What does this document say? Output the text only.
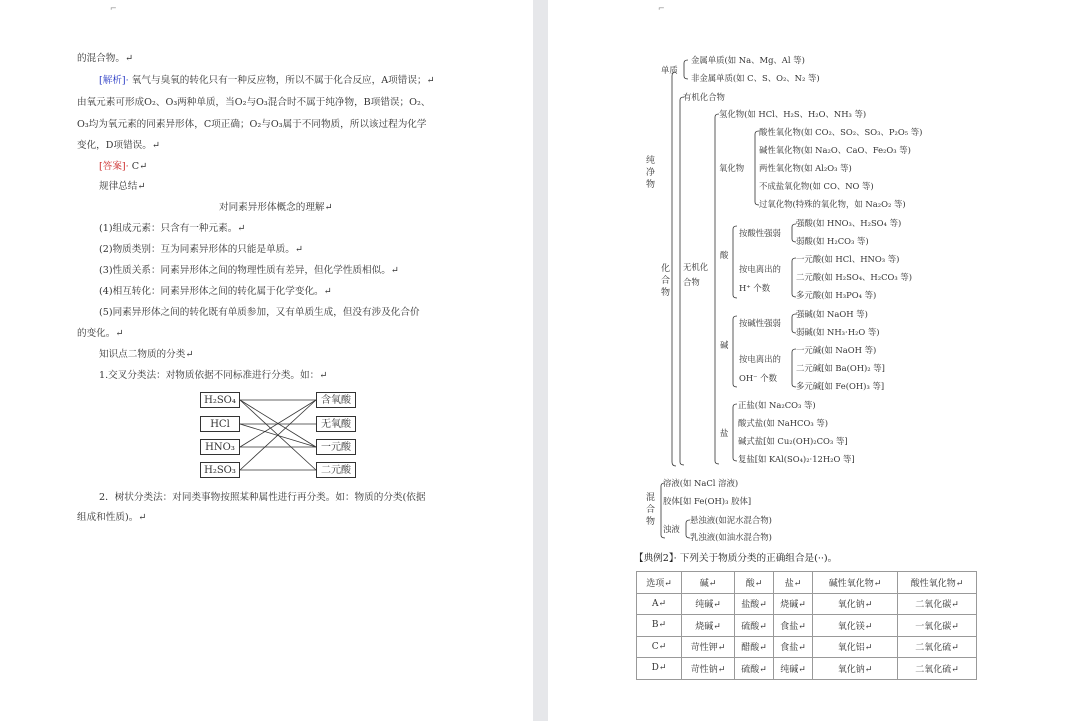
⌐
的混合物。↵
[解析]· 氧气与臭氧的转化只有一种反应物，所以不属于化合反应，A项错误；↵
由氧元素可形成O₂、O₃两种单质，当O₂与O₃混合时不属于纯净物，B项错误；O₂、
O₃均为氧元素的同素异形体，C项正确；O₂与O₃属于不同物质，所以该过程为化学
变化，D项错误。↵
[答案]· C↵
规律总结↵
对同素异形体概念的理解↵
(1)组成元素：只含有一种元素。↵
(2)物质类别：互为同素异形体的只能是单质。↵
(3)性质关系：同素异形体之间的物理性质有差异，但化学性质相似。↵
(4)相互转化：同素异形体之间的转化属于化学变化。↵
(5)同素异形体之间的转化既有单质参加，又有单质生成，但没有涉及化合价
的变化。↵
知识点二物质的分类↵
1.交叉分类法：对物质依据不同标准进行分类。如：↵
H₂SO₄
HCl
HNO₃
H₂SO₃
含氧酸
无氧酸
一元酸
二元酸
2．树状分类法：对同类事物按照某种属性进行再分类。如：物质的分类(依据
组成和性质)。↵
⌐
纯
净
物
化
合
物
混
合
物
单质
金属单质(如 Na、Mg、Al 等)
非金属单质(如 C、S、O₂、N₂ 等)
有机化合物
无机化
合物
氢化物(如 HCl、H₂S、H₂O、NH₃ 等)
氧化物
酸性氧化物(如 CO₂、SO₂、SO₃、P₂O₅ 等)
碱性氧化物(如 Na₂O、CaO、Fe₂O₃ 等)
两性氧化物(如 Al₂O₃ 等)
不成盐氧化物(如 CO、NO 等)
过氧化物(特殊的氧化物，如 Na₂O₂ 等)
酸
按酸性强弱
强酸(如 HNO₃、H₂SO₄ 等)
弱酸(如 H₂CO₃ 等)
按电离出的
H⁺ 个数
一元酸(如 HCl、HNO₃ 等)
二元酸(如 H₂SO₄、H₂CO₃ 等)
多元酸(如 H₃PO₄ 等)
碱
按碱性强弱
强碱(如 NaOH 等)
弱碱(如 NH₃·H₂O 等)
按电离出的
OH⁻ 个数
一元碱(如 NaOH 等)
二元碱[如 Ba(OH)₂ 等]
多元碱[如 Fe(OH)₃ 等]
盐
正盐(如 Na₂CO₃ 等)
酸式盐(如 NaHCO₃ 等)
碱式盐[如 Cu₂(OH)₂CO₃ 等]
复盐[如 KAl(SO₄)₂·12H₂O 等]
溶液(如 NaCl 溶液)
胶体[如 Fe(OH)₃ 胶体]
浊液
悬浊液(如泥水混合物)
乳浊液(如油水混合物)
【典例2】· 下列关于物质分类的正确组合是(··)。
选项↵	碱↵	酸↵	盐↵	碱性氧化物↵	酸性氧化物↵
A↵	纯碱↵	盐酸↵	烧碱↵	氧化钠↵	二氧化碳↵
B↵	烧碱↵	硫酸↵	食盐↵	氧化镁↵	一氧化碳↵
C↵	苛性钾↵	醋酸↵	食盐↵	氧化铝↵	二氧化硫↵
D↵	苛性钠↵	硫酸↵	纯碱↵	氧化钠↵	二氧化硫↵
